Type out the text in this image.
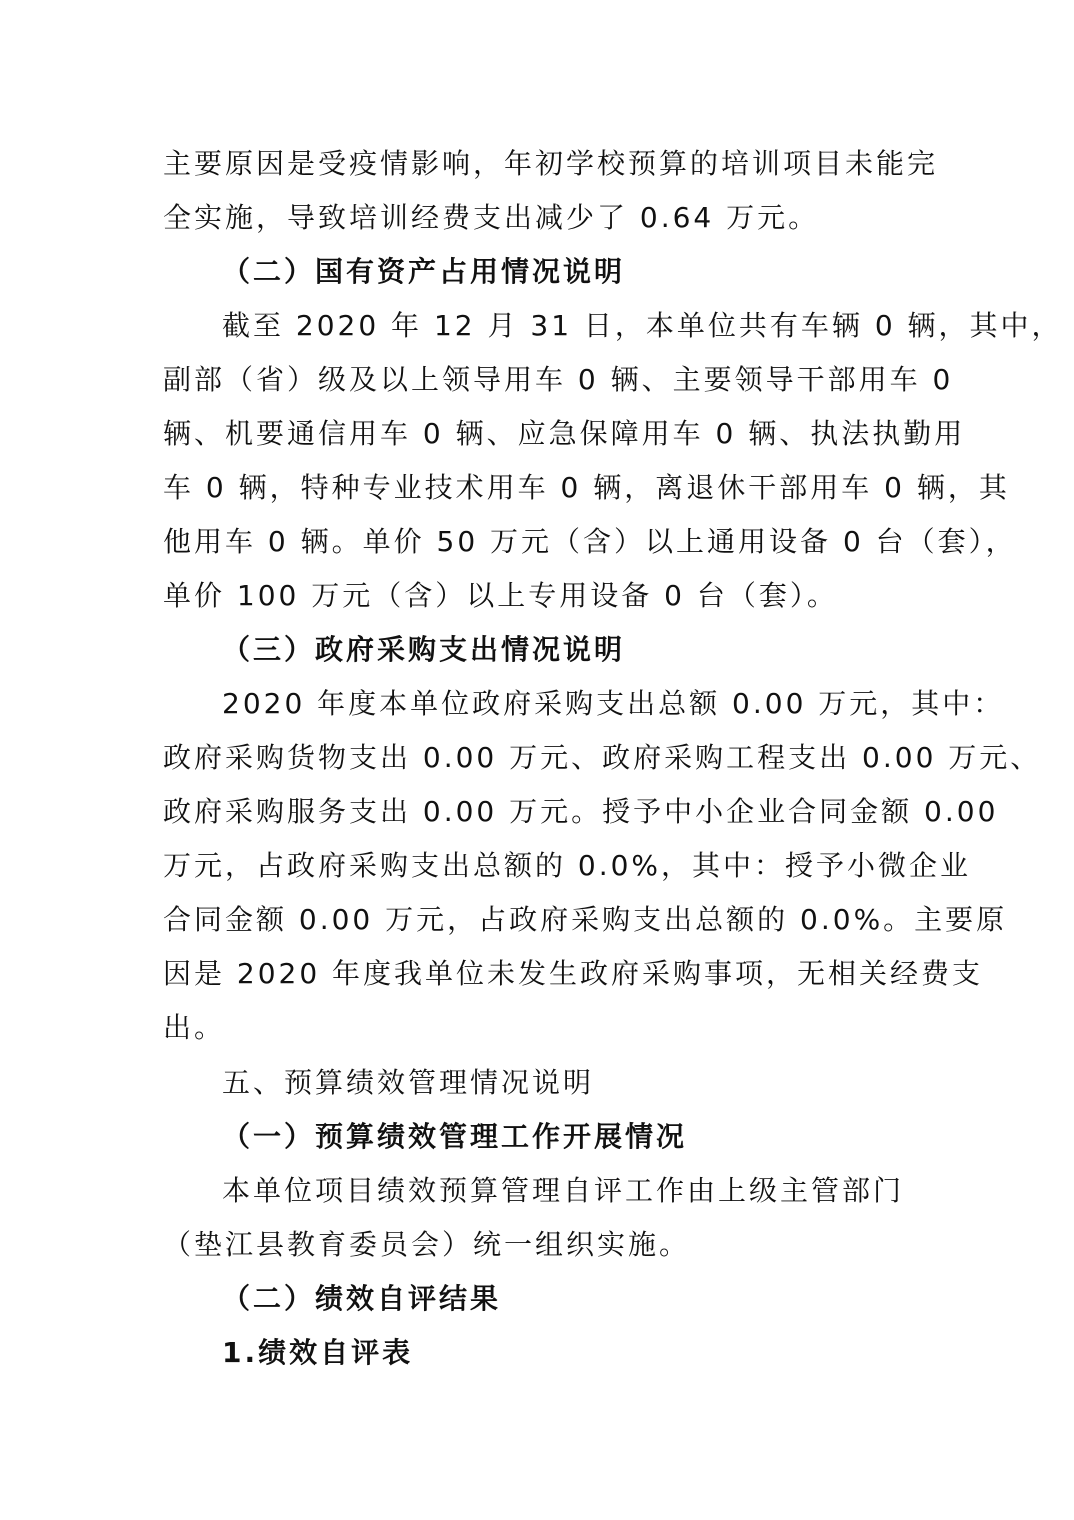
主要原因是受疫情影响，年初学校预算的培训项目未能完
全实施，导致培训经费支出减少了 0.64 万元。
（二）国有资产占用情况说明
截至 2020 年 12 月 31 日，本单位共有车辆 0 辆，其中，
副部（省）级及以上领导用车 0 辆、主要领导干部用车 0
辆、机要通信用车 0 辆、应急保障用车 0 辆、执法执勤用
车 0 辆，特种专业技术用车 0 辆，离退休干部用车 0 辆，其
他用车 0 辆。单价 50 万元（含）以上通用设备 0 台（套），
单价 100 万元（含）以上专用设备 0 台（套）。
（三）政府采购支出情况说明
2020 年度本单位政府采购支出总额 0.00 万元，其中：
政府采购货物支出 0.00 万元、政府采购工程支出 0.00 万元、
政府采购服务支出 0.00 万元。授予中小企业合同金额 0.00
万元，占政府采购支出总额的 0.0%，其中：授予小微企业
合同金额 0.00 万元，占政府采购支出总额的 0.0%。主要原
因是 2020 年度我单位未发生政府采购事项，无相关经费支
出。
五、预算绩效管理情况说明
（一）预算绩效管理工作开展情况
本单位项目绩效预算管理自评工作由上级主管部门
（垫江县教育委员会）统一组织实施。
（二）绩效自评结果
1.绩效自评表
